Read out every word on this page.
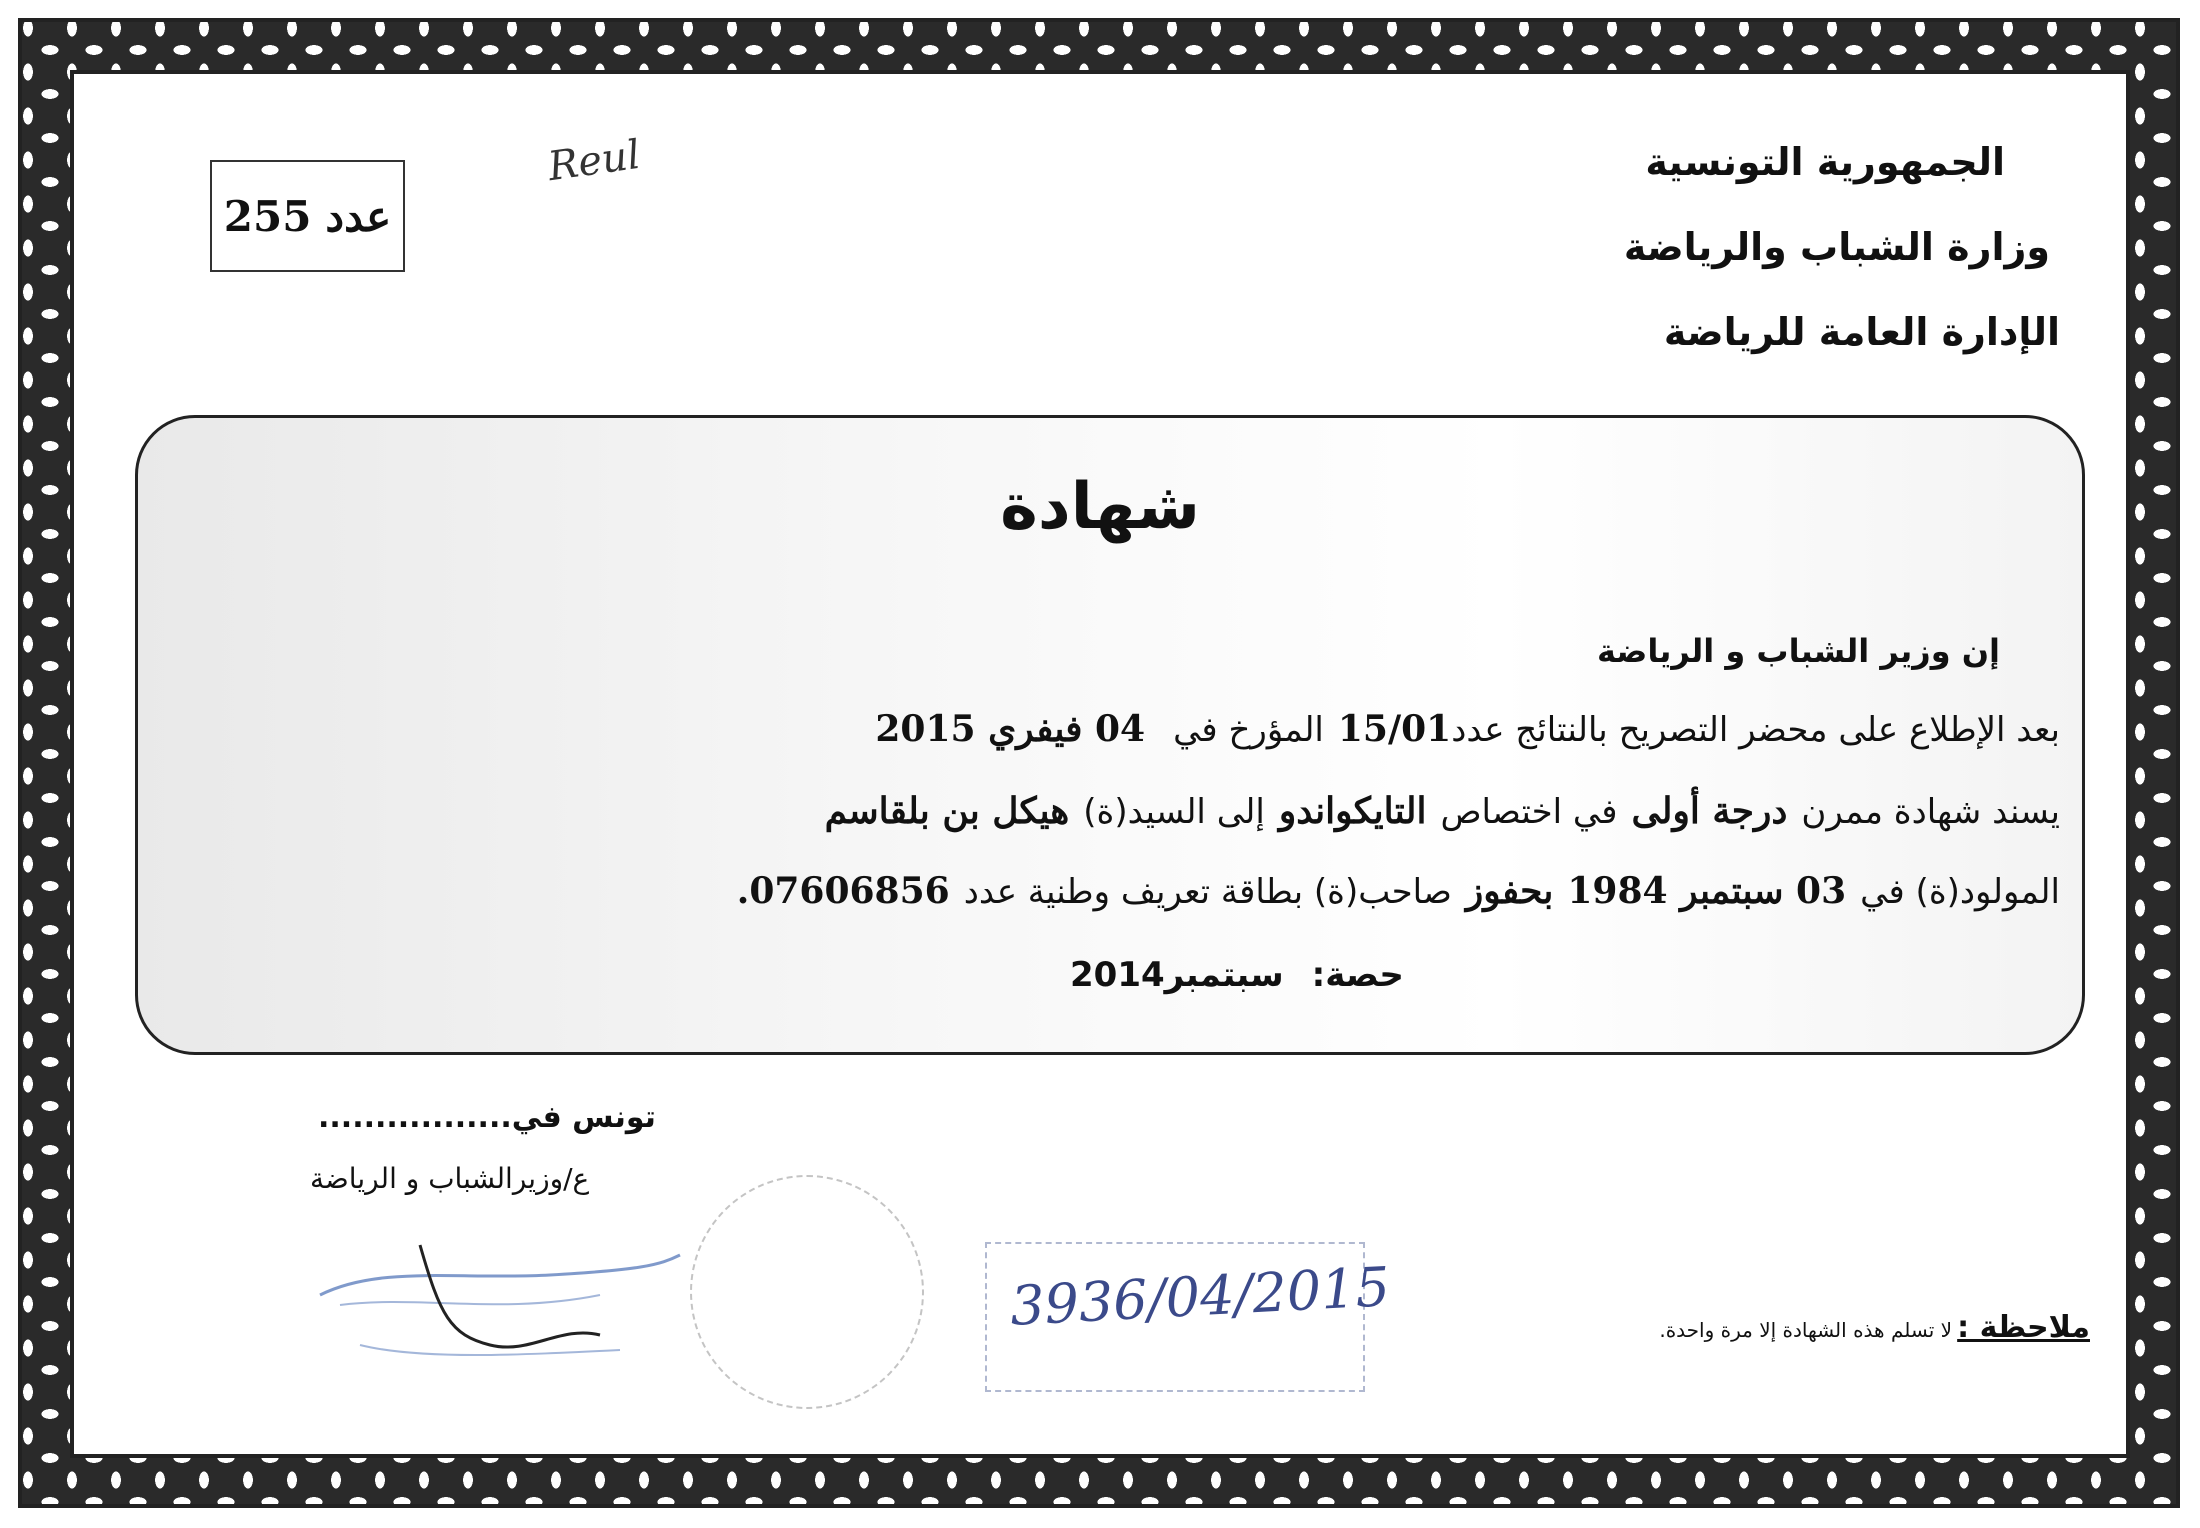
الجمهورية التونسية
وزارة الشباب والرياضة
الإدارة العامة للرياضة
عدد
255
Reul
شهادة
إن وزير الشباب و الرياضة
بعد الإطلاع على محضر التصريح بالنتائج عدد15/01المؤرخ في04 فيفري 2015
يسند شهادة ممرندرجة أولىفي اختصاصالتايكواندوإلى السيد(ة)هيكل بن بلقاسم
المولود(ة) في03 سبتمبر 1984بحفوزصاحب(ة) بطاقة تعريف وطنية عدد07606856.
حصة:سبتمبر2014
تونس في.................
ع/وزيرالشباب و الرياضة
3936/04/2015	ملاحظة : لا تسلم هذه الشهادة إلا مرة واحدة.
